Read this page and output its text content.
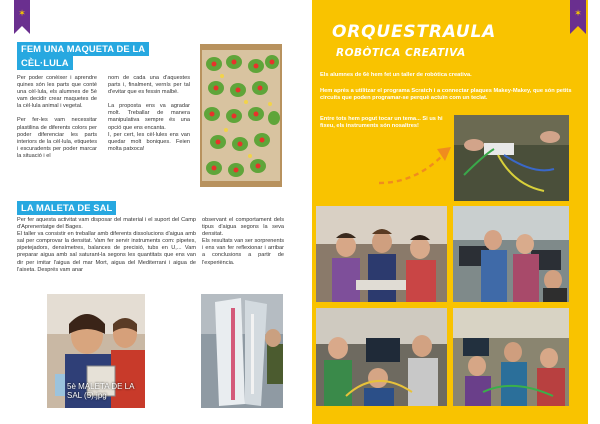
✶
FEM UNA MAQUETA DE LA
CÈL·LULA

Per poder conèixer i aprendre quines són les parts que conté una cèl·lula, els alumnes de 5è vam decidir crear maquetes de la cèl·lula animal i vegetal.

Per fer-les vam necessitar plastilina de diferents colors per poder diferenciar les parts interiors de la cèl·lula, etiquetes i escuradents per poder marcar la situació i el

nom de cada una d'aquestes parts i, finalment, vernís per tal d'evitar que es fessin malbé.

La proposta ens va agradar molt. Treballar de manera manipulativa sempre és una opció que ens encanta.

I, per cert, les cèl·lules ens van quedar molt boniques. Feien molta patxoca!

LA MALETA DE SAL
Per fer aquesta activitat vam disposar del material i el suport del Camp d'Aprenentatge del Bages.
El taller va consistir en treballar amb diferents dissolucions d'aigua amb sal per comprovar la densitat. Vam fer servir instruments com: pipetes, pipetejadors, densímetres, balances de precisió, tubs en U,... Vam preparar aigua amb sal saturant-la segons les quantitats que ens van dir per imitar l'aigua del mar Mort, aigua del Mediterrani i aigua de l'aixeta. Després vam anar
observant el comportament dels tipus d'aigua segons la seva densitat.
Els resultats van ser sorprenents i ens van fer reflexionar i arribar a conclusions a partir de l'experiència.
5è MALETA DE LA SAL (5).jpg
✶
ORQUESTRAULA
ROBÒTICA CREATIVA
Els alumnes de 6è hem fet un taller de robòtica creativa.
Hem après a utilitzar el programa Scratch i a connectar plaques Makey-Makey, que són petits circuits que poden programar-se perquè actuïn com un teclat.
Entre tots hem pogut tocar un tema... Si us hi fixeu, els instruments són nosaltres!
